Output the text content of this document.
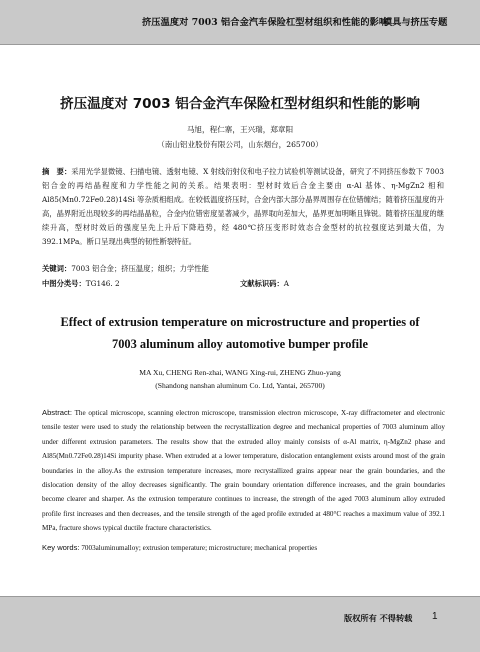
挤压温度对 7003 铝合金汽车保险杠型材组织和性能的影响
模具与挤压专题
挤压温度对 7003 铝合金汽车保险杠型材组织和性能的影响
马旭，程仁寨，王兴瑞，郑章阳
（南山铝业股份有限公司，山东烟台，265700）
摘　要：采用光学显微镜、扫描电镜、透射电镜、X 射线衍射仪和电子拉力试验机等测试设备，研究了不同挤压参数下 7003 铝合金的再结晶程度和力学性能之间的关系。结果表明：型材时效后合金主要由 α-Al 基体、η-MgZn2 相和 Al85(Mn0.72Fe0.28)14Si 等杂质相组成。在较低温度挤压时，合金内部大部分晶界周围存在位错缠结；随着挤压温度的升高，晶界附近出现较多的再结晶晶粒，合金内位错密度显著减少，晶界取向差加大，晶界更加明晰且锋锐。随着挤压温度的继续升高，型材时效后的强度呈先上升后下降趋势，经 480℃挤压变形时效态合金型材的抗拉强度达到最大值，为 392.1MPa。断口呈现出典型的韧性断裂特征。
关键词：7003 铝合金；挤压温度；组织；力学性能
中图分类号：TG146. 2	文献标识码：A
Effect of extrusion temperature on microstructure and properties of 7003 aluminum alloy automotive bumper profile
MA Xu, CHENG Ren-zhai, WANG Xing-rui, ZHENG Zhuo-yang
(Shandong nanshan aluminum Co. Ltd, Yantai, 265700)
Abstract: The optical microscope, scanning electron microscope, transmission electron microscope, X-ray diffractometer and electronic tensile tester were used to study the relationship between the recrystallization degree and mechanical properties of 7003 aluminum alloy under different extrusion parameters. The results show that the extruded alloy mainly consists of α-Al matrix, η-MgZn2 phase and Al85(Mn0.72Fe0.28)14Si impurity phase. When extruded at a lower temperature, dislocation entanglement exists around most of the grain boundaries in the alloy.As the extrusion temperature increases, more recrystallized grains appear near the grain boundaries, and the dislocation density of the alloy decreases significantly. The grain boundary orientation difference increases, and the grain boundaries become clearer and sharper. As the extrusion temperature continues to increase, the strength of the aged 7003 aluminum alloy extruded profile first increases and then decreases, and the tensile strength of the aged profile extruded at 480°C reaches a maximum value of 392.1 MPa, fracture shows typical ductile fracture characteristics.
Key words: 7003aluminumalloy; extrusion temperature; microstructure; mechanical properties
版权所有 不得转载 1
